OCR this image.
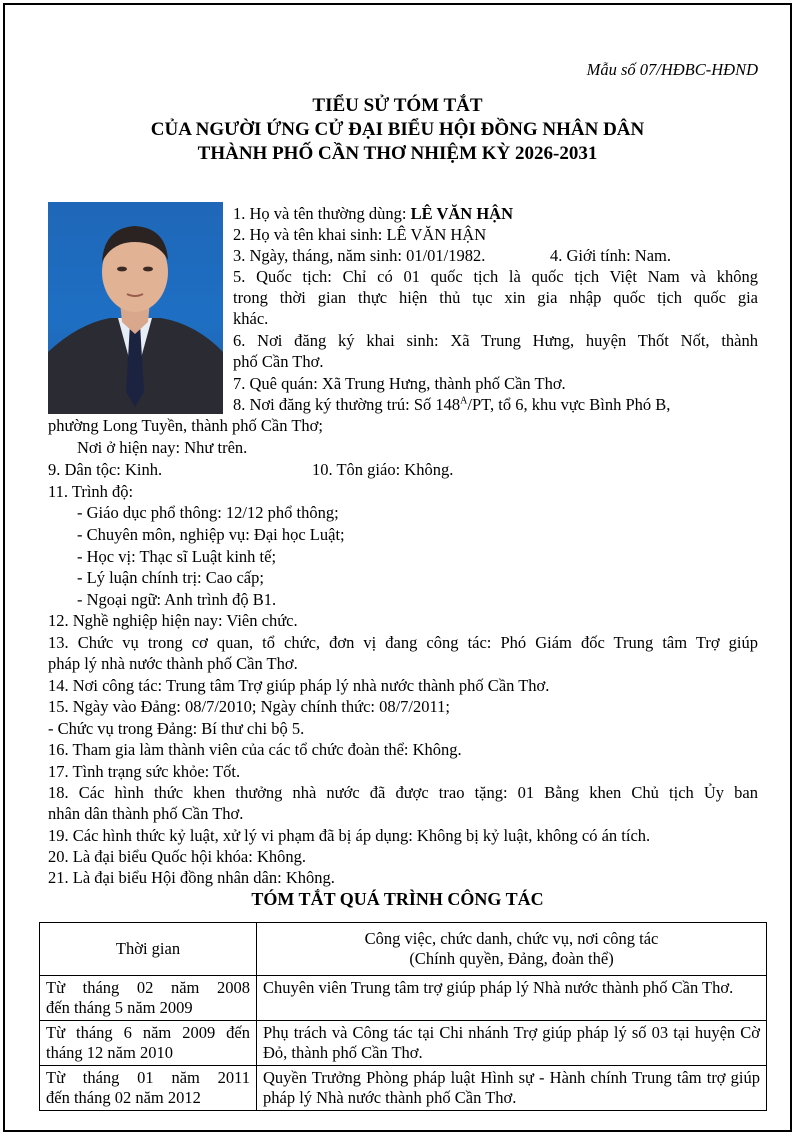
Mẫu số 07/HĐBC-HĐND
TIỂU SỬ TÓM TẮT
CỦA NGƯỜI ỨNG CỬ ĐẠI BIỂU HỘI ĐỒNG NHÂN DÂN
THÀNH PHỐ CẦN THƠ NHIỆM KỲ 2026-2031
1. Họ và tên thường dùng: LÊ VĂN HẬN
2. Họ và tên khai sinh: LÊ VĂN HẬN
3. Ngày, tháng, năm sinh: 01/01/1982.	4. Giới tính: Nam.
5. Quốc tịch: Chỉ có 01 quốc tịch là quốc tịch Việt Nam và không
trong thời gian thực hiện thủ tục xin gia nhập quốc tịch quốc gia
khác.
6. Nơi đăng ký khai sinh: Xã Trung Hưng, huyện Thốt Nốt, thành
phố Cần Thơ.
7. Quê quán: Xã Trung Hưng, thành phố Cần Thơ.
8. Nơi đăng ký thường trú: Số $148^A/PT$, tổ 6, khu vực Bình Phó B,
phường Long Tuyền, thành phố Cần Thơ;
Nơi ở hiện nay: Như trên.
9. Dân tộc: Kinh.	10. Tôn giáo: Không.
11. Trình độ:
- Giáo dục phổ thông: 12/12 phổ thông;
- Chuyên môn, nghiệp vụ: Đại học Luật;
- Học vị: Thạc sĩ Luật kinh tế;
- Lý luận chính trị: Cao cấp;
- Ngoại ngữ: Anh trình độ B1.
12. Nghề nghiệp hiện nay: Viên chức.
13. Chức vụ trong cơ quan, tổ chức, đơn vị đang công tác: Phó Giám đốc Trung tâm Trợ giúp
pháp lý nhà nước thành phố Cần Thơ.
14. Nơi công tác: Trung tâm Trợ giúp pháp lý nhà nước thành phố Cần Thơ.
15. Ngày vào Đảng: 08/7/2010; Ngày chính thức: 08/7/2011;
- Chức vụ trong Đảng: Bí thư chi bộ 5.
16. Tham gia làm thành viên của các tổ chức đoàn thể: Không.
17. Tình trạng sức khỏe: Tốt.
18. Các hình thức khen thưởng nhà nước đã được trao tặng: 01 Bằng khen Chủ tịch Ủy ban
nhân dân thành phố Cần Thơ.
19. Các hình thức kỷ luật, xử lý vi phạm đã bị áp dụng: Không bị kỷ luật, không có án tích.
20. Là đại biểu Quốc hội khóa: Không.
21. Là đại biểu Hội đồng nhân dân: Không.
TÓM TẮT QUÁ TRÌNH CÔNG TÁC
Thời gian	Công việc, chức danh, chức vụ, nơi công tác
(Chính quyền, Đảng, đoàn thể)

Từ tháng 02 năm 2008
đến tháng 5 năm 2009	Chuyên viên Trung tâm trợ giúp pháp lý Nhà nước thành phố Cần Thơ.

Từ tháng 6 năm 2009 đến
tháng 12 năm 2010	Phụ trách và Công tác tại Chi nhánh Trợ giúp pháp lý số 03 tại huyện Cờ Đỏ, thành phố Cần Thơ.

Từ tháng 01 năm 2011
đến tháng 02 năm 2012	Quyền Trưởng Phòng pháp luật Hình sự - Hành chính Trung tâm trợ giúp pháp lý Nhà nước thành phố Cần Thơ.
